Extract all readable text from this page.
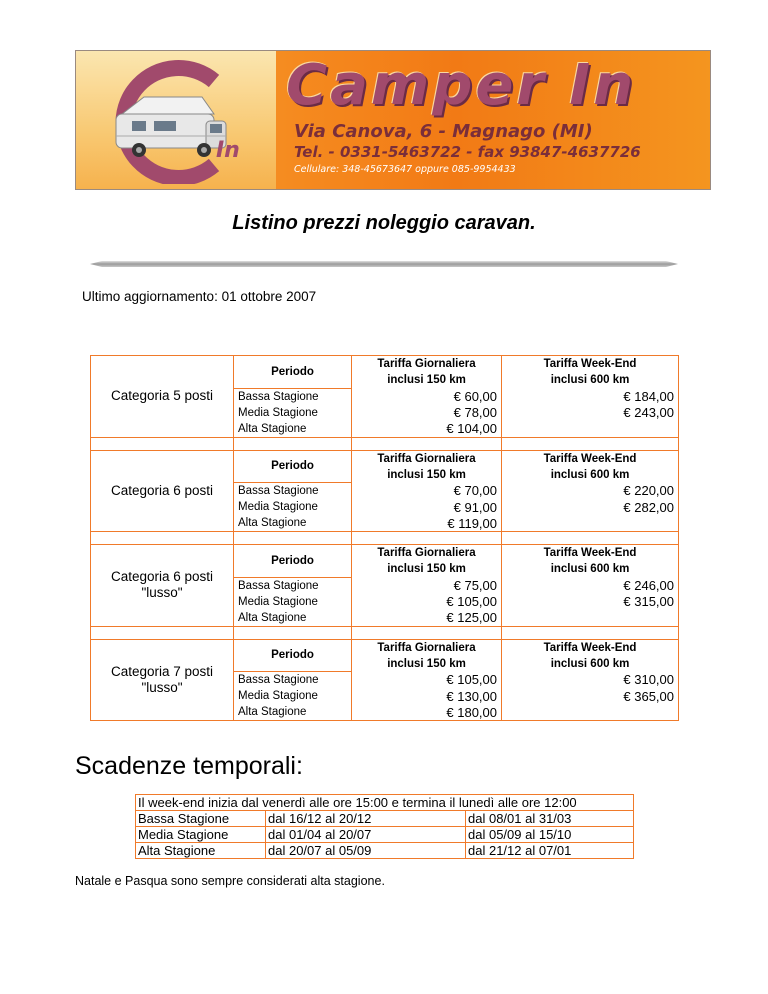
In
Camper In
Via Canova, 6 - Magnago (MI)
Tel. - 0331-5463722 - fax 93847-4637726
Cellulare: 348-45673647 oppure 085-9954433
Listino prezzi noleggio caravan.
Ultimo aggiornamento: 01 ottobre 2007
Categoria 5 posti	Periodo	Tariffa Giornaliera	Tariffa Week-End
		inclusi 150 km	inclusi 600 km
	Bassa Stagione	€ 60,00	€ 184,00
	Media Stagione	€ 78,00	€ 243,00
	Alta Stagione	€ 104,00	

Categoria 6 posti	Periodo	Tariffa Giornaliera	Tariffa Week-End
		inclusi 150 km	inclusi 600 km
	Bassa Stagione	€ 70,00	€ 220,00
	Media Stagione	€ 91,00	€ 282,00
	Alta Stagione	€ 119,00	

Categoria 6 posti
"lusso"	Periodo	Tariffa Giornaliera	Tariffa Week-End
		inclusi 150 km	inclusi 600 km
	Bassa Stagione	€ 75,00	€ 246,00
	Media Stagione	€ 105,00	€ 315,00
	Alta Stagione	€ 125,00	

Categoria 7 posti
"lusso"	Periodo	Tariffa Giornaliera	Tariffa Week-End
		inclusi 150 km	inclusi 600 km
	Bassa Stagione	€ 105,00	€ 310,00
	Media Stagione	€ 130,00	€ 365,00
	Alta Stagione	€ 180,00	
Scadenze temporali:
Il week-end inizia dal venerdì alle ore 15:00 e termina il lunedì alle ore 12:00		
Bassa Stagione	dal 16/12 al 20/12	dal 08/01 al 31/03
Media Stagione	dal 01/04 al 20/07	dal 05/09 al 15/10
Alta Stagione	dal 20/07 al 05/09	dal 21/12 al 07/01
Natale e Pasqua sono sempre considerati alta stagione.
